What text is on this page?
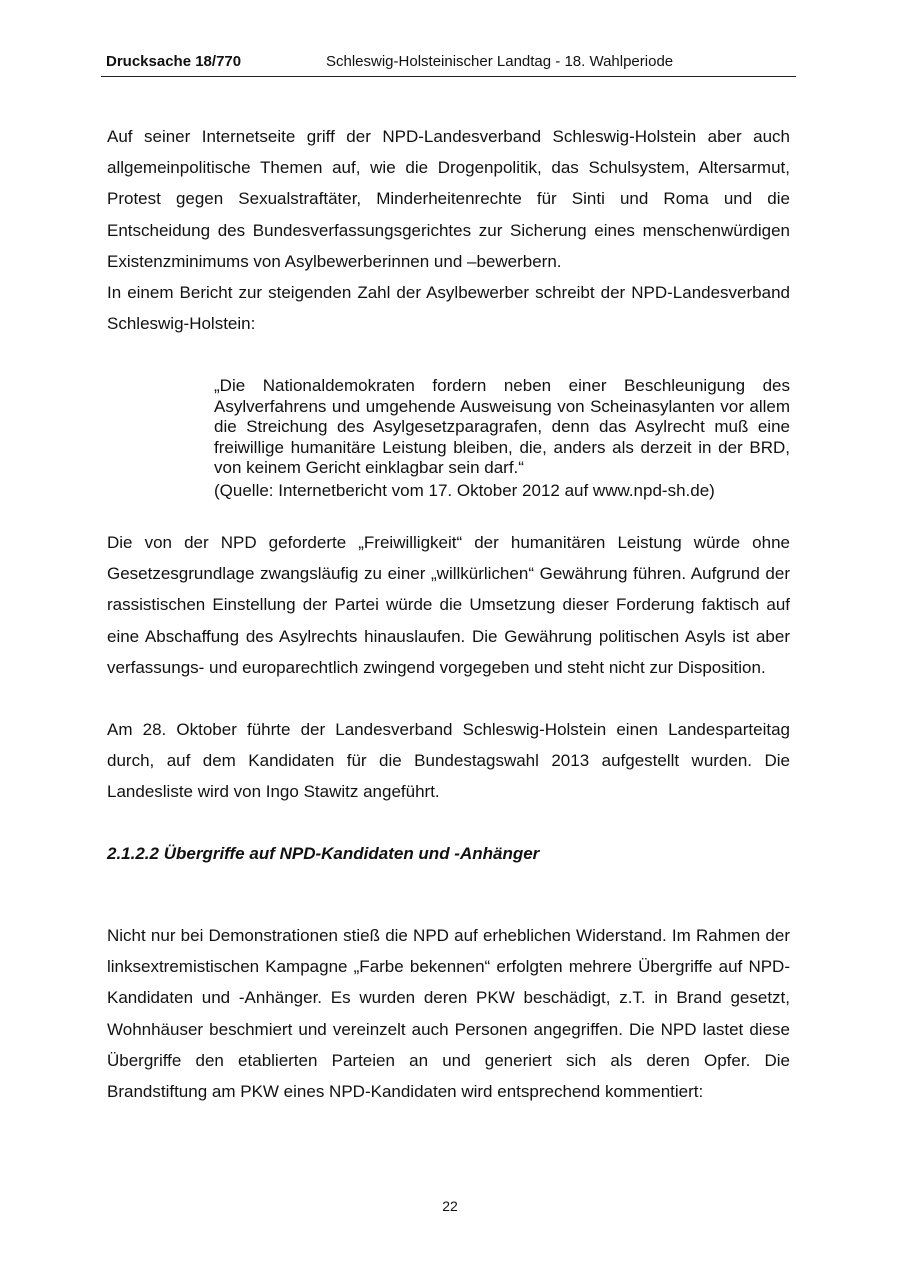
Drucksache 18/770	Schleswig-Holsteinischer Landtag - 18. Wahlperiode

Auf seiner Internetseite griff der NPD-Landesverband Schleswig-Holstein aber auch allgemeinpolitische Themen auf, wie die Drogenpolitik, das Schulsystem, Altersarmut, Protest gegen Sexualstraftäter, Minderheitenrechte für Sinti und Roma und die Entscheidung des Bundesverfassungsgerichtes zur Sicherung eines menschenwürdigen Existenzminimums von Asylbewerberinnen und –bewerbern.

In einem Bericht zur steigenden Zahl der Asylbewerber schreibt der NPD-Landesverband Schleswig-Holstein:

„Die Nationaldemokraten fordern neben einer Beschleunigung des Asylverfahrens und umgehende Ausweisung von Scheinasylanten vor allem die Streichung des Asylgesetzparagrafen, denn das Asylrecht muß eine freiwillige humanitäre Leistung bleiben, die, anders als derzeit in der BRD, von keinem Gericht einklagbar sein darf.“

(Quelle: Internetbericht vom 17. Oktober 2012 auf www.npd-sh.de)

Die von der NPD geforderte „Freiwilligkeit“ der humanitären Leistung würde ohne Gesetzesgrundlage zwangsläufig zu einer „willkürlichen“ Gewährung führen. Aufgrund der rassistischen Einstellung der Partei würde die Umsetzung dieser Forderung faktisch auf eine Abschaffung des Asylrechts hinauslaufen. Die Gewährung politischen Asyls ist aber verfassungs- und europarechtlich zwingend vorgegeben und steht nicht zur Disposition.

Am 28. Oktober führte der Landesverband Schleswig-Holstein einen Landesparteitag durch, auf dem Kandidaten für die Bundestagswahl 2013 aufgestellt wurden. Die Landesliste wird von Ingo Stawitz angeführt.

2.1.2.2 Übergriffe auf NPD-Kandidaten und -Anhänger

Nicht nur bei Demonstrationen stieß die NPD auf erheblichen Widerstand. Im Rahmen der linksextremistischen Kampagne „Farbe bekennen“ erfolgten mehrere Übergriffe auf NPD-Kandidaten und -Anhänger. Es wurden deren PKW beschädigt, z.T. in Brand gesetzt, Wohnhäuser beschmiert und vereinzelt auch Personen angegriffen. Die NPD lastet diese Übergriffe den etablierten Parteien an und generiert sich als deren Opfer. Die Brandstiftung am PKW eines NPD-Kandidaten wird entsprechend kommentiert:

22
